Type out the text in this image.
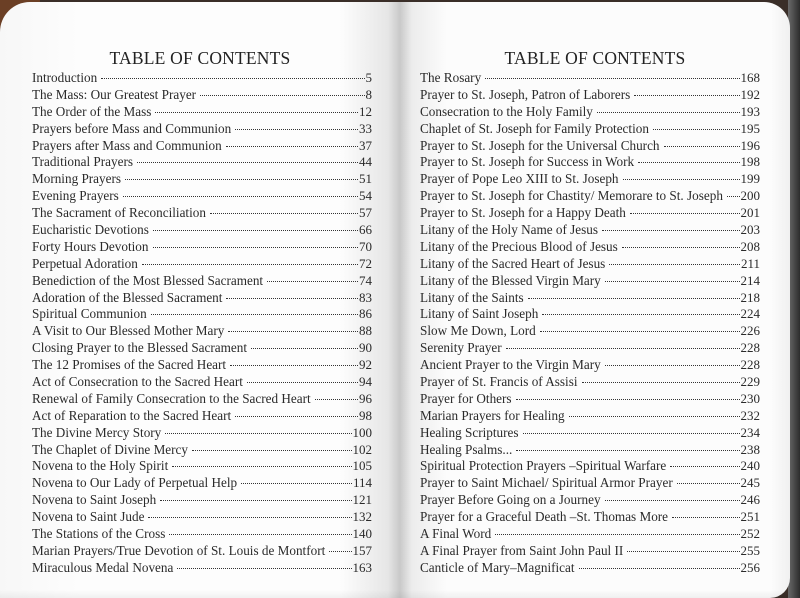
TABLE OF CONTENTS
Introduction	5
The Mass: Our Greatest Prayer	8
The Order of the Mass	12
Prayers before Mass and Communion	33
Prayers after Mass and Communion	37
Traditional Prayers	44
Morning Prayers	51
Evening Prayers	54
The Sacrament of Reconciliation	57
Eucharistic Devotions	66
Forty Hours Devotion	70
Perpetual Adoration	72
Benediction of the Most Blessed Sacrament	74
Adoration of the Blessed Sacrament	83
Spiritual Communion	86
A Visit to Our Blessed Mother Mary	88
Closing Prayer to the Blessed Sacrament	90
The 12 Promises of the Sacred Heart	92
Act of Consecration to the Sacred Heart	94
Renewal of Family Consecration to the Sacred Heart	96
Act of Reparation to the Sacred Heart	98
The Divine Mercy Story	100
The Chaplet of Divine Mercy	102
Novena to the Holy Spirit	105
Novena to Our Lady of Perpetual Help	114
Novena to Saint Joseph	121
Novena to Saint Jude	132
The Stations of the Cross	140
Marian Prayers/True Devotion of St. Louis de Montfort 157
Miraculous Medal Novena	163
TABLE OF CONTENTS
The Rosary	168
Prayer to St. Joseph, Patron of Laborers	192
Consecration to the Holy Family	193
Chaplet of St. Joseph for Family Protection	195
Prayer to St. Joseph for the Universal Church	196
Prayer to St. Joseph for Success in Work	198
Prayer of Pope Leo XIII to St. Joseph	199
Prayer to St. Joseph for Chastity/ Memorare to St. Joseph 200
Prayer to St. Joseph for a Happy Death	201
Litany of the Holy Name of Jesus	203
Litany of the Precious Blood of Jesus	208
Litany of the Sacred Heart of Jesus	211
Litany of the Blessed Virgin Mary	214
Litany of the Saints	218
Litany of Saint Joseph	224
Slow Me Down, Lord	226
Serenity Prayer	228
Ancient Prayer to the Virgin Mary	228
Prayer of St. Francis of Assisi	229
Prayer for Others	230
Marian Prayers for Healing	232
Healing Scriptures	234
Healing Psalms...	238
Spiritual Protection Prayers –Spiritual Warfare	240
Prayer to Saint Michael/ Spiritual Armor Prayer	245
Prayer Before Going on a Journey	246
Prayer for a Graceful Death –St. Thomas More	251
A Final Word	252
A Final Prayer from Saint John Paul II	255
Canticle of Mary–Magnificat	256
